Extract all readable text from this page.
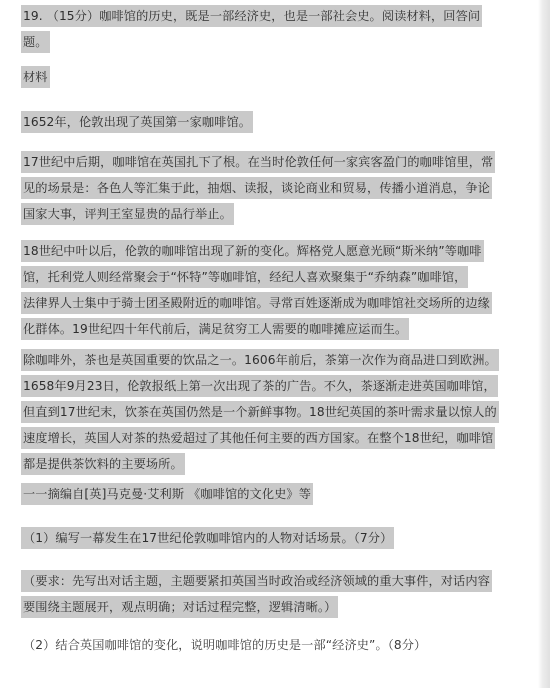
19. （15分）咖啡馆的历史，既是一部经济史，也是一部社会史。阅读材料，回答问
题。
材料
1652年，伦敦出现了英国第一家咖啡馆。
17世纪中后期，咖啡馆在英国扎下了根。在当时伦敦任何一家宾客盈门的咖啡馆里，常
见的场景是：各色人等汇集于此，抽烟、读报，谈论商业和贸易，传播小道消息，争论
国家大事，评判王室显贵的品行举止。
18世纪中叶以后，伦敦的咖啡馆出现了新的变化。辉格党人愿意光顾“斯米纳”等咖啡
馆，托利党人则经常聚会于“怀特”等咖啡馆，经纪人喜欢聚集于“乔纳森”咖啡馆，
法律界人士集中于骑士团圣殿附近的咖啡馆。寻常百姓逐渐成为咖啡馆社交场所的边缘
化群体。19世纪四十年代前后，满足贫穷工人需要的咖啡摊应运而生。
除咖啡外，茶也是英国重要的饮品之一。1606年前后，茶第一次作为商品进口到欧洲。
1658年9月23日，伦敦报纸上第一次出现了茶的广告。不久，茶逐渐走进英国咖啡馆，
但直到17世纪末，饮茶在英国仍然是一个新鲜事物。18世纪英国的茶叶需求量以惊人的
速度增长，英国人对茶的热爱超过了其他任何主要的西方国家。在整个18世纪，咖啡馆
都是提供茶饮料的主要场所。
一一摘编自[英]马克曼·艾利斯 《咖啡馆的文化史》等
（1）编写一幕发生在17世纪伦敦咖啡馆内的人物对话场景。（7分）
（要求：先写出对话主题，主题要紧扣英国当时政治或经济领域的重大事件，对话内容
要围绕主题展开，观点明确；对话过程完整，逻辑清晰。）
（2）结合英国咖啡馆的变化，说明咖啡馆的历史是一部“经济史”。（8分）
